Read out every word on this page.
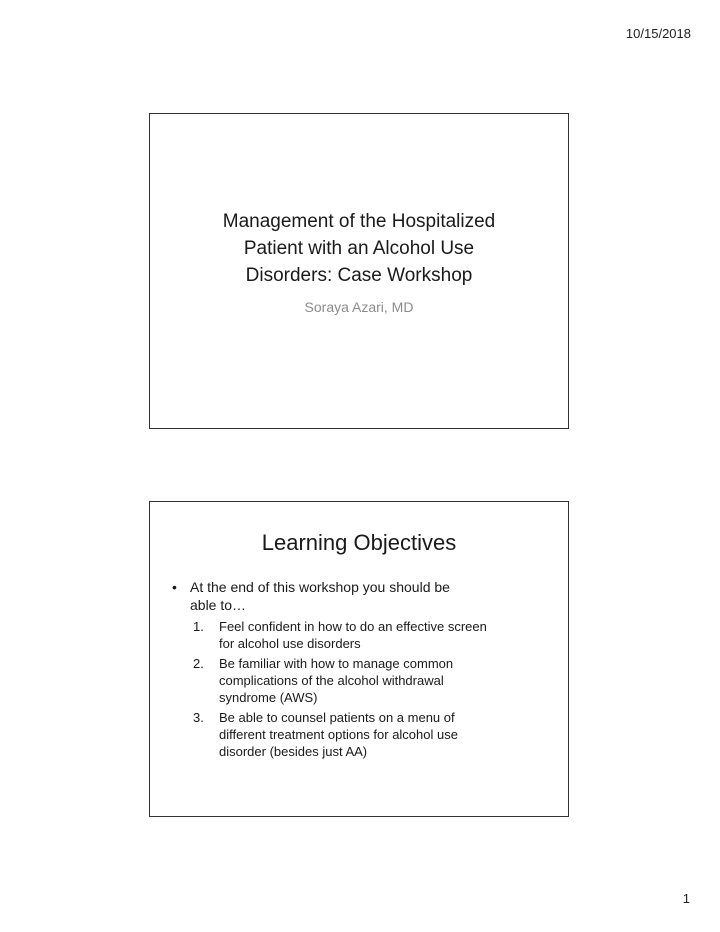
10/15/2018
Management of the Hospitalized
Patient with an Alcohol Use
Disorders: Case Workshop
Soraya Azari, MD
Learning Objectives
• At the end of this workshop you should be
able to…
1.	Feel confident in how to do an effective screen
for alcohol use disorders
2.	Be familiar with how to manage common
complications of the alcohol withdrawal
syndrome (AWS)
3.	Be able to counsel patients on a menu of
different treatment options for alcohol use
disorder (besides just AA)
1
